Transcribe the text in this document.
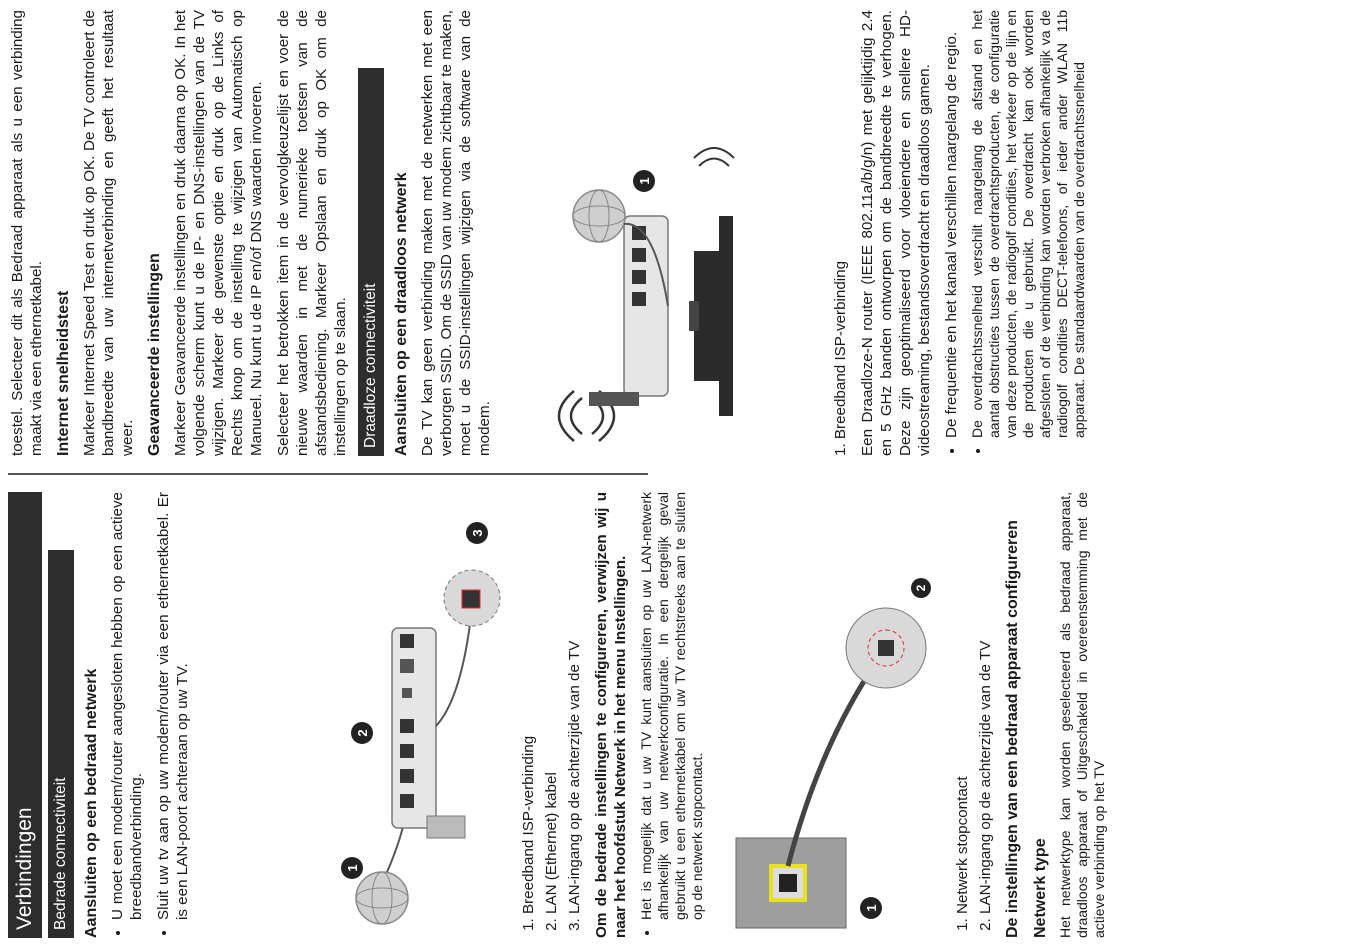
Verbindingen	Bedrade connectiviteit Aansluiten op een bedraad netwerk • U moet een modem/router aangesloten hebben op een actieve breedbandverbinding. • Sluit uw tv aan op uw modem/router via een ethernetkabel. Er is een LAN-poort achteraan op uw TV.	1
2
3
1. Breedband ISP-verbinding 2. LAN (Ethernet) kabel 3. LAN-ingang op de achterzijde van de TV Om de bedrade instellingen te configureren, verwijzen wij u naar het hoofdstuk Netwerk in het menu Instellingen. • Het is mogelijk dat u uw TV kunt aansluiten op uw LAN-netwerk afhankelijk van uw netwerkconfiguratie. In een dergelijk geval gebruikt u een ethernetkabel om uw TV rechtstreeks aan te sluiten op de netwerk stopcontact.	1
2
1. Netwerk stopcontact 2. LAN-ingang op de achterzijde van de TV De instellingen van een bedraad apparaat configureren Netwerk type Het netwerktype kan worden geselecteerd als bedraad apparaat, draadloos apparaat of Uitgeschakeld in overeenstemming met de actieve verbinding op het TV

toestel. Selecteer dit als Bedraad apparaat als u een verbinding maakt via een ethernetkabel. Internet snelheidstest Markeer Internet Speed Test en druk op OK. De TV controleert de bandbreedte van uw internetverbinding en geeft het resultaat weer. Geavanceerde instellingen Markeer Geavanceerde instellingen en druk daarna op OK. In het volgende scherm kunt u de IP- en DNS-instellingen van de TV wijzigen. Markeer de gewenste optie en druk op de Links of Rechts knop om de instelling te wijzigen van Automatisch op Manueel. Nu kunt u de IP en/of DNS waarden invoeren. Selecteer het betrokken item in de vervolgkeuzelijst en voer de nieuwe waarden in met de numerieke toetsen van de afstandsbediening. Markeer Opslaan en druk op OK om de instellingen op te slaan. Draadloze connectiviteit Aansluiten op een draadloos netwerk De TV kan geen verbinding maken met de netwerken met een verborgen SSID. Om de SSID van uw modem zichtbaar te maken, moet u de SSID-instellingen wijzigen via de software van de modem.

1

1. Breedband ISP-verbinding Een Draadloze-N router (IEEE 802.11a/b/g/n) met gelijktijdig 2.4 en 5 GHz banden ontworpen om de bandbreedte te verhogen. Deze zijn geoptimaliseerd voor vloeiendere en snellere HD-videostreaming, bestandsoverdracht en draadloos gamen. • De frequentie en het kanaal verschillen naargelang de regio. • De overdrachtssnelheid verschilt naargelang de afstand en het aantal obstructies tussen de overdrachtsproducten, de configuratie van deze producten, de radiogolf condities, het verkeer op de lijn en de producten die u gebruikt. De overdracht kan ook worden afgesloten of de verbinding kan worden verbroken afhankelijk va de radiogolf condities DECT-telefoons, of ieder ander WLAN 11b apparaat. De standaardwaarden van de overdrachtssnelheid
